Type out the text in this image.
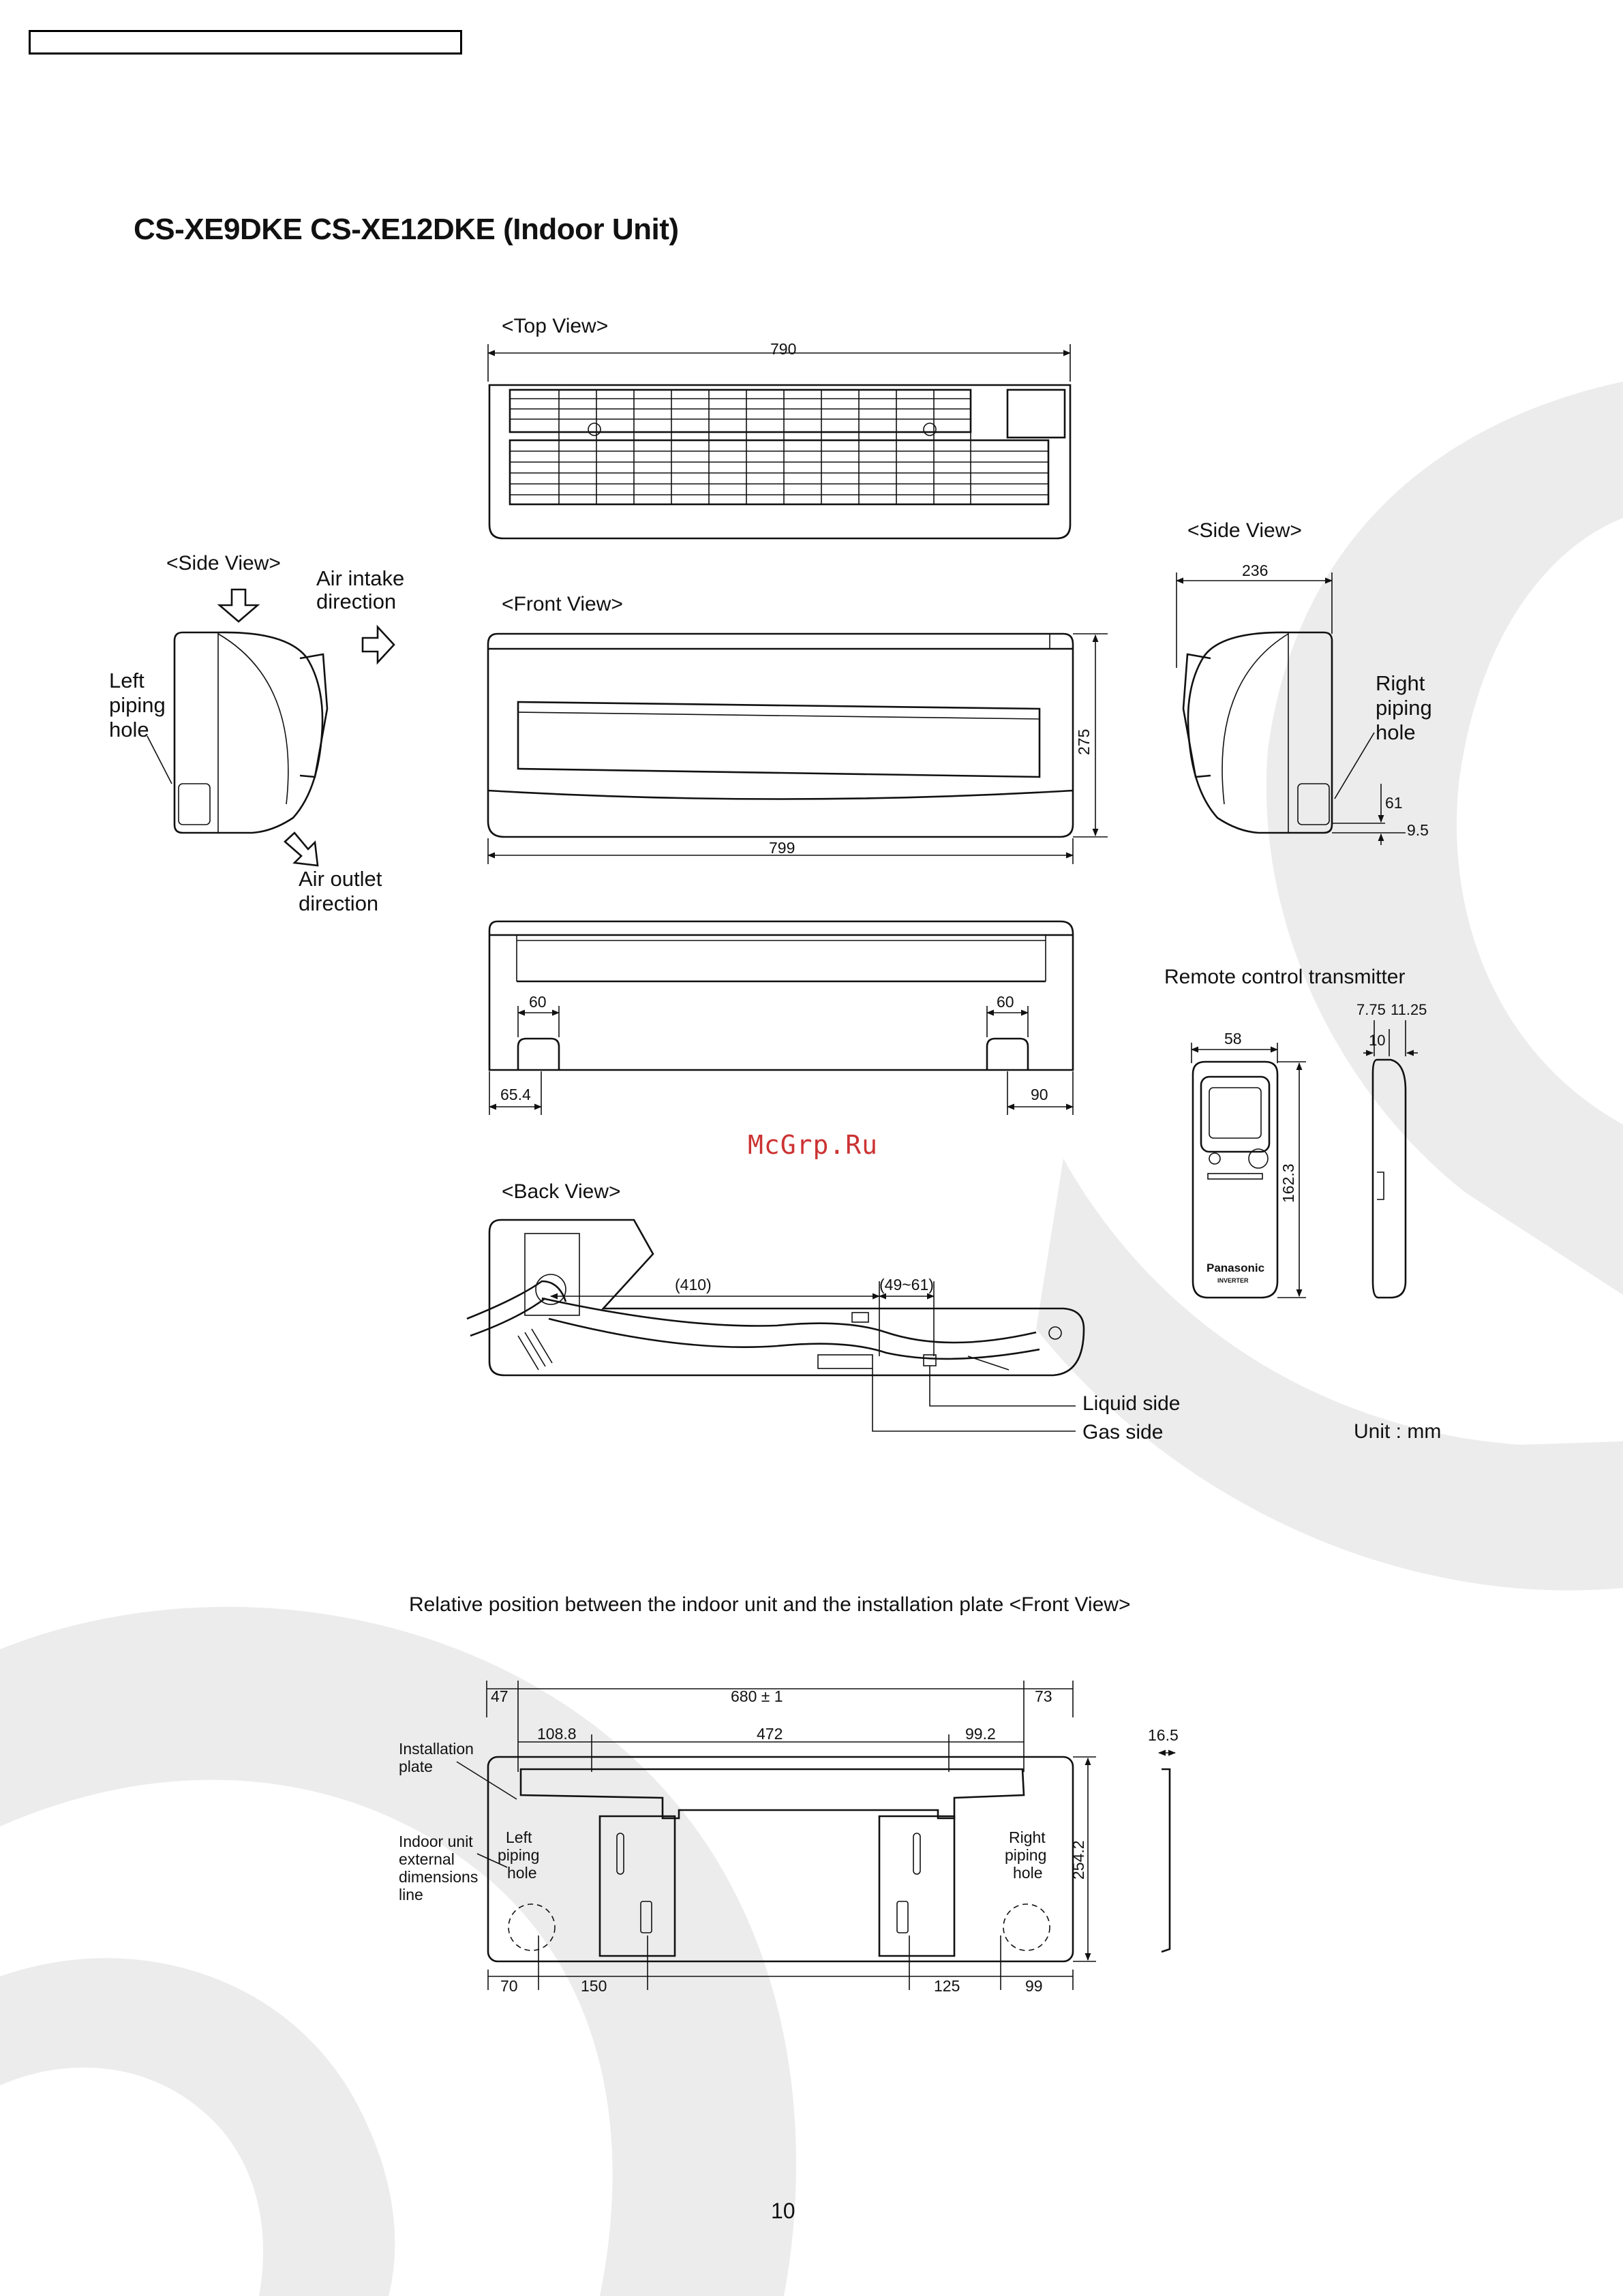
CS-XE9DKE CS-XE12DKE (Indoor Unit)
<Top View>
790
<Front View>
275
799
60	60
65.4	90
<Back View>
(410)	(49~61)
Liquid side
Gas side
<Side View>
Air intake
direction
Left
piping
hole
Air outlet
direction
<Side View>
236
61
9.5
Right
piping
hole
Remote control transmitter
58
162.3
7.75 11.25
10
Panasonic
INVERTER
Unit : mm
Relative position between the indoor unit and the installation plate <Front View>
47	680 ± 1	73
108.8	472	99.2
254.2
16.5
70	150	125	99
Installation
plate
Indoor unit
external
dimensions
line
Left
piping
hole
Right
piping
hole
McGrp.Ru
10
